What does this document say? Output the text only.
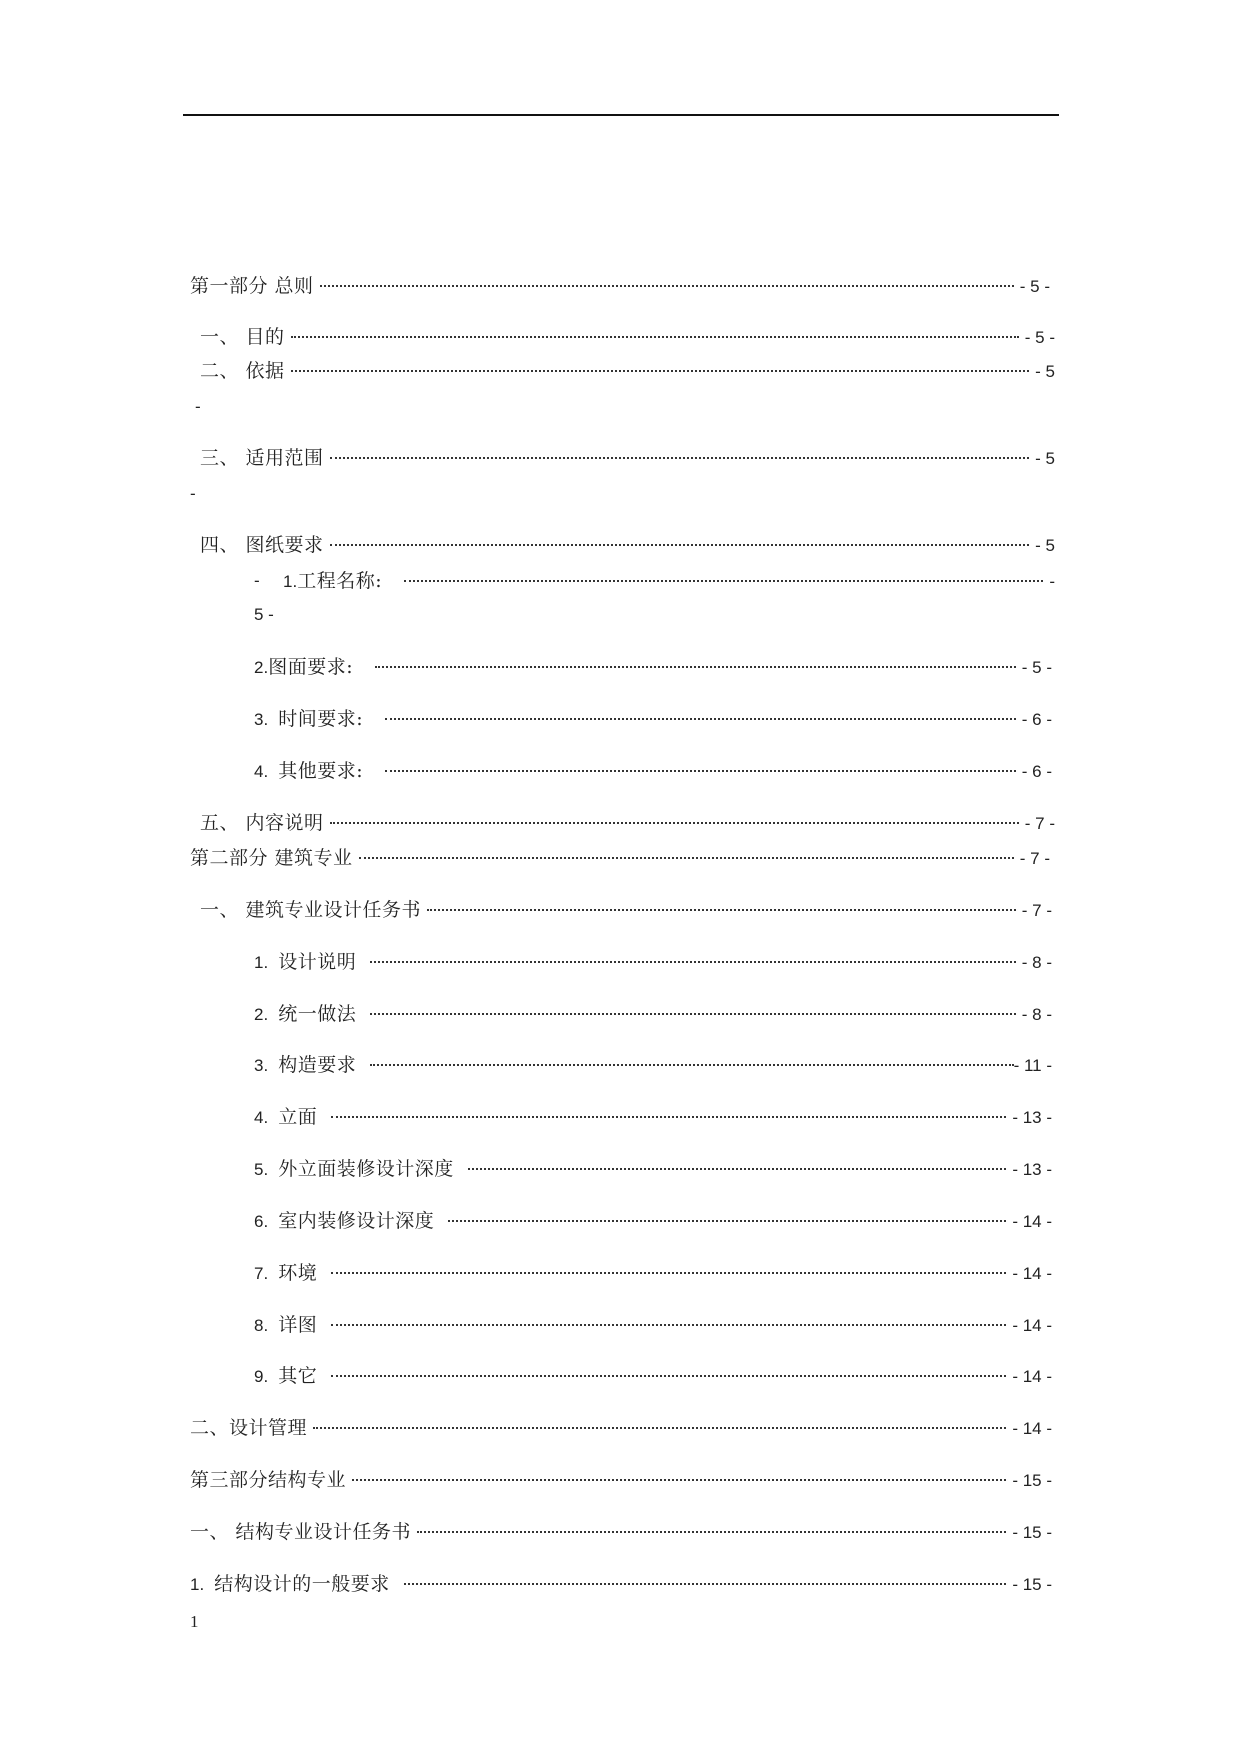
第一部分 总则	- 5 -
一、 目的	- 5 -
二、 依据	- 5
-
三、 适用范围	- 5
-
四、 图纸要求	- 5
- 1. 工程名称:	-
5 -
2. 图面要求:	- 5 -
3. 时间要求:	- 6 -
4. 其他要求:	- 6 -
五、 内容说明	- 7 -
第二部分 建筑专业	- 7 -
一、 建筑专业设计任务书	- 7 -
1. 设计说明	- 8 -
2. 统一做法	- 8 -
3. 构造要求	- 11 -
4. 立面	- 13 -
5. 外立面装修设计深度	- 13 -
6. 室内装修设计深度	- 14 -
7. 环境	- 14 -
8. 详图	- 14 -
9. 其它	- 14 -
二、设计管理	- 14 -
第三部分结构专业	- 15 -
一、 结构专业设计任务书	- 15 -
1. 结构设计的一般要求	- 15 -
1
